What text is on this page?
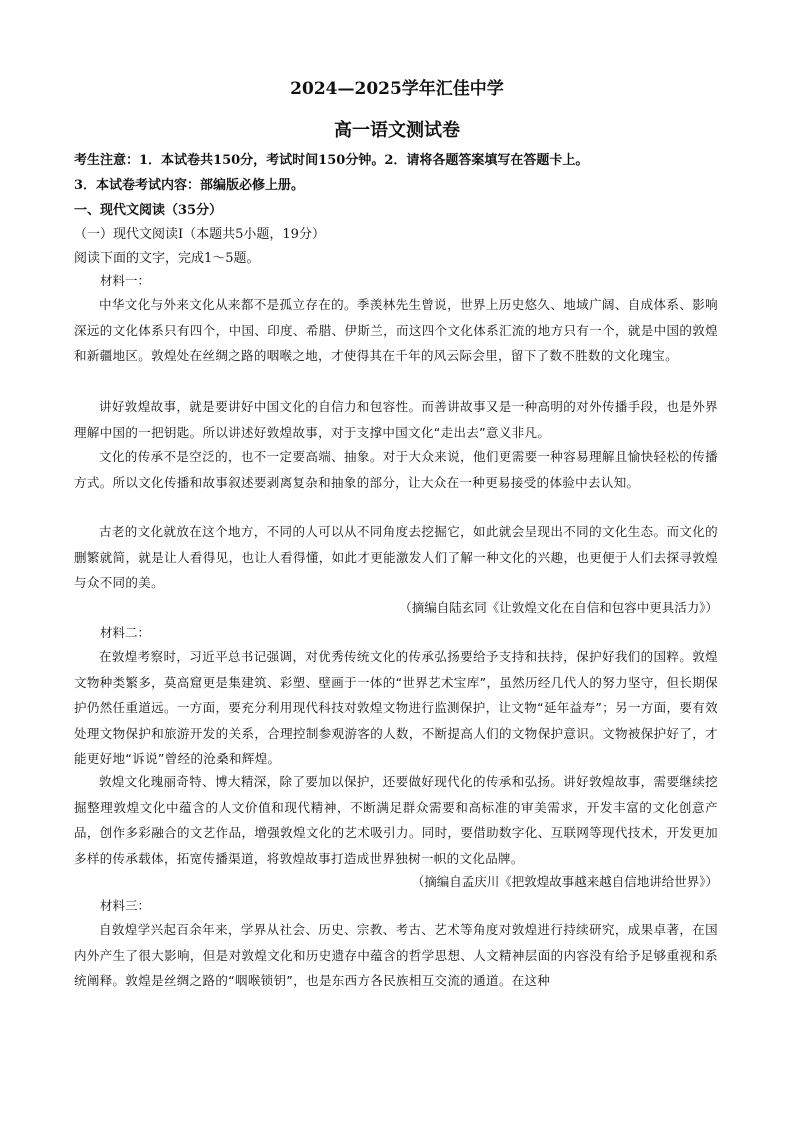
2024—2025学年汇佳中学
高一语文测试卷
考生注意：1．本试卷共150分，考试时间150分钟。2．请将各题答案填写在答题卡上。
3．本试卷考试内容：部编版必修上册。
一、现代文阅读（35分）
（一）现代文阅读Ⅰ（本题共5小题，19分）
阅读下面的文字，完成1～5题。
材料一：
中华文化与外来文化从来都不是孤立存在的。季羡林先生曾说，世界上历史悠久、地域广阔、自成体系、影响深远的文化体系只有四个，中国、印度、希腊、伊斯兰，而这四个文化体系汇流的地方只有一个，就是中国的敦煌和新疆地区。敦煌处在丝绸之路的咽喉之地，才使得其在千年的风云际会里，留下了数不胜数的文化瑰宝。
讲好敦煌故事，就是要讲好中国文化的自信力和包容性。而善讲故事又是一种高明的对外传播手段，也是外界理解中国的一把钥匙。所以讲述好敦煌故事，对于支撑中国文化“走出去”意义非凡。
文化的传承不是空泛的，也不一定要高端、抽象。对于大众来说，他们更需要一种容易理解且愉快轻松的传播方式。所以文化传播和故事叙述要剥离复杂和抽象的部分，让大众在一种更易接受的体验中去认知。
古老的文化就放在这个地方，不同的人可以从不同角度去挖掘它，如此就会呈现出不同的文化生态。而文化的删繁就简，就是让人看得见，也让人看得懂，如此才更能激发人们了解一种文化的兴趣，也更便于人们去探寻敦煌与众不同的美。
（摘编自陆玄同《让敦煌文化在自信和包容中更具活力》）
材料二：
在敦煌考察时，习近平总书记强调，对优秀传统文化的传承弘扬要给予支持和扶持，保护好我们的国粹。敦煌文物种类繁多，莫高窟更是集建筑、彩塑、壁画于一体的“世界艺术宝库”，虽然历经几代人的努力坚守，但长期保护仍然任重道远。一方面，要充分利用现代科技对敦煌文物进行监测保护，让文物“延年益寿”；另一方面，要有效处理文物保护和旅游开发的关系，合理控制参观游客的人数，不断提高人们的文物保护意识。文物被保护好了，才能更好地“诉说”曾经的沧桑和辉煌。
敦煌文化瑰丽奇特、博大精深，除了要加以保护，还要做好现代化的传承和弘扬。讲好敦煌故事，需要继续挖掘整理敦煌文化中蕴含的人文价值和现代精神，不断满足群众需要和高标准的审美需求，开发丰富的文化创意产品，创作多彩融合的文艺作品，增强敦煌文化的艺术吸引力。同时，要借助数字化、互联网等现代技术，开发更加多样的传承载体，拓宽传播渠道，将敦煌故事打造成世界独树一帜的文化品牌。
（摘编自孟庆川《把敦煌故事越来越自信地讲给世界》）
材料三：
自敦煌学兴起百余年来，学界从社会、历史、宗教、考古、艺术等角度对敦煌进行持续研究，成果卓著，在国内外产生了很大影响，但是对敦煌文化和历史遗存中蕴含的哲学思想、人文精神层面的内容没有给予足够重视和系统阐释。敦煌是丝绸之路的“咽喉锁钥”，也是东西方各民族相互交流的通道。在这种
